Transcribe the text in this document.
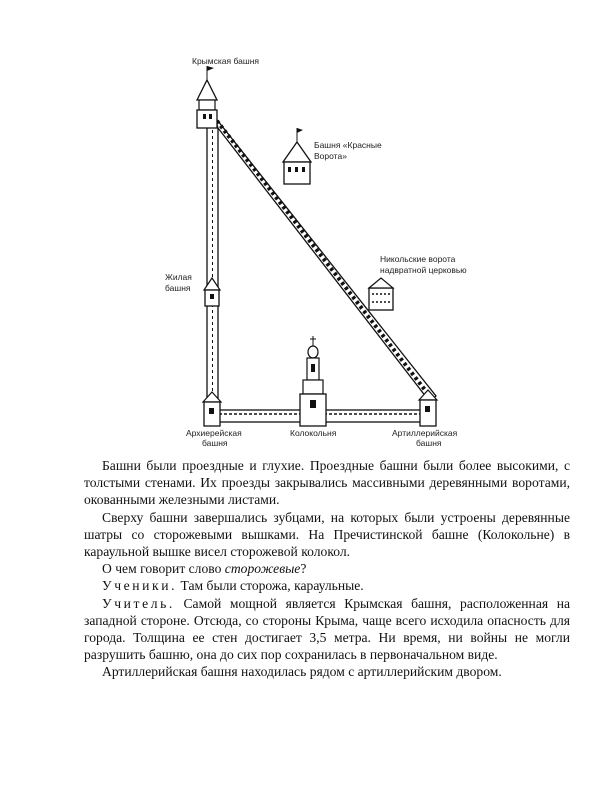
Крымская башня
Башня «Красные
Ворота»
Никольские ворота
надвратной церковью
Жилая
башня
Архиерейская
башня
Колокольня	Артиллерийская
башня

Башни были проездные и глухие. Проездные башни были более высокими, с толстыми стенами. Их проезды закрывались массивными деревянными воротами, окованными железными листами.

Сверху башни завершались зубцами, на которых были устроены деревянные шатры со сторожевыми вышками. На Пречистинской башне (Колокольне) в караульной вышке висел сторожевой колокол.

О чем говорит слово сторожевые?

Ученики. Там были сторожа, караульные.

Учитель. Самой мощной является Крымская башня, расположенная на западной стороне. Отсюда, со стороны Крыма, чаще всего исходила опасность для города. Толщина ее стен достигает 3,5 метра. Ни время, ни войны не могли разрушить башню, она до сих пор сохранилась в первоначальном виде.

Артиллерийская башня находилась рядом с артиллерийским двором.
